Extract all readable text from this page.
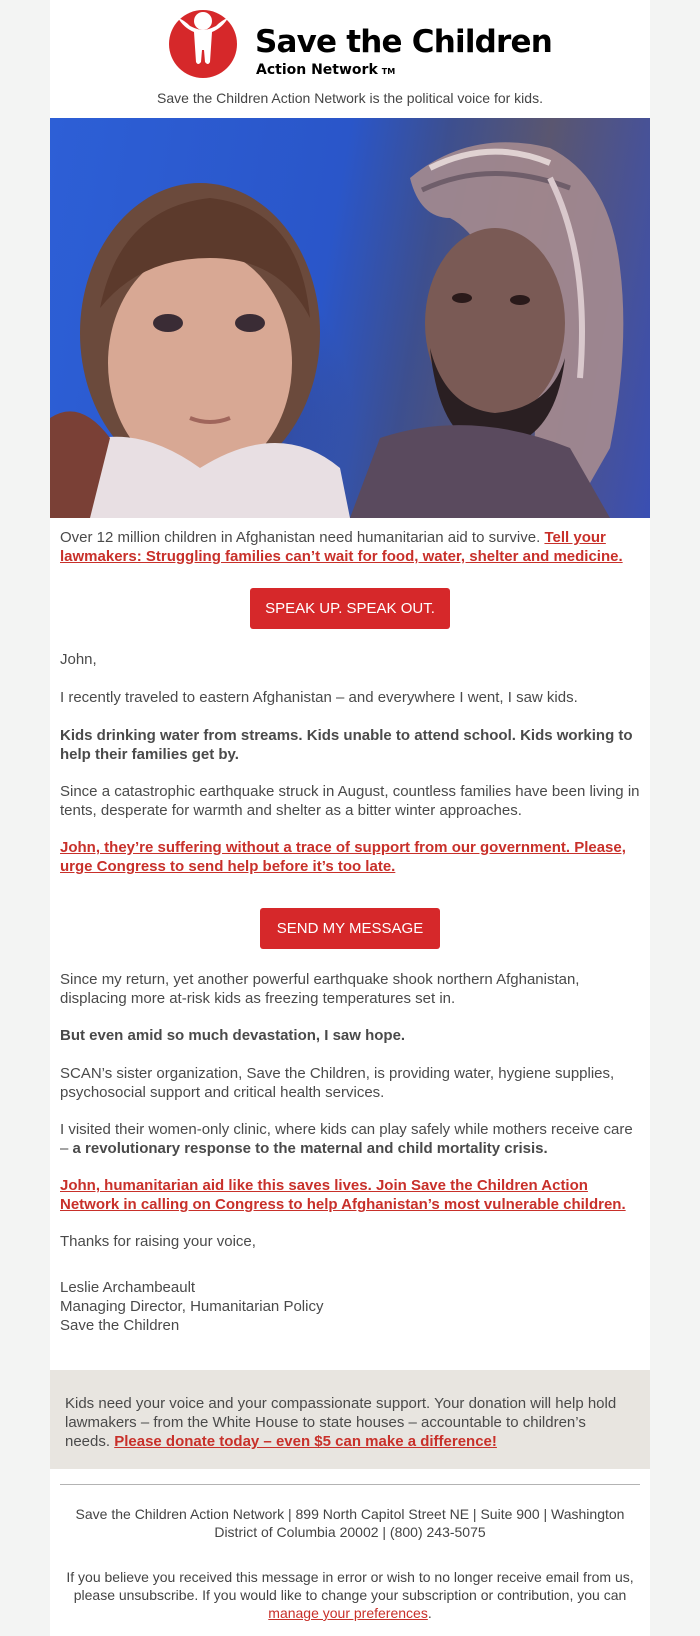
Save the Children
Action Network TM
Save the Children Action Network is the political voice for kids.

Over 12 million children in Afghanistan need humanitarian aid to survive. Tell your lawmakers: Struggling families can’t wait for food, water, shelter and medicine.

SPEAK UP. SPEAK OUT.

John,

I recently traveled to eastern Afghanistan – and everywhere I went, I saw kids.

Kids drinking water from streams. Kids unable to attend school. Kids working to help their families get by.

Since a catastrophic earthquake struck in August, countless families have been living in tents, desperate for warmth and shelter as a bitter winter approaches.

John, they’re suffering without a trace of support from our government. Please, urge Congress to send help before it’s too late.

SEND MY MESSAGE

Since my return, yet another powerful earthquake shook northern Afghanistan, displacing more at-risk kids as freezing temperatures set in.

But even amid so much devastation, I saw hope.

SCAN’s sister organization, Save the Children, is providing water, hygiene supplies, psychosocial support and critical health services.

I visited their women-only clinic, where kids can play safely while mothers receive care – a revolutionary response to the maternal and child mortality crisis.

John, humanitarian aid like this saves lives. Join Save the Children Action Network in calling on Congress to help Afghanistan’s most vulnerable children.

Thanks for raising your voice,

Leslie Archambeault

Managing Director, Humanitarian Policy

Save the Children

Kids need your voice and your compassionate support. Your donation will help hold lawmakers – from the White House to state houses – accountable to children’s needs. Please donate today – even $5 can make a difference!

Save the Children Action Network | 899 North Capitol Street NE | Suite 900 | Washington District of Columbia 20002 | (800) 243-5075
If you believe you received this message in error or wish to no longer receive email from us, please unsubscribe. If you would like to change your subscription or contribution, you can manage your preferences.
